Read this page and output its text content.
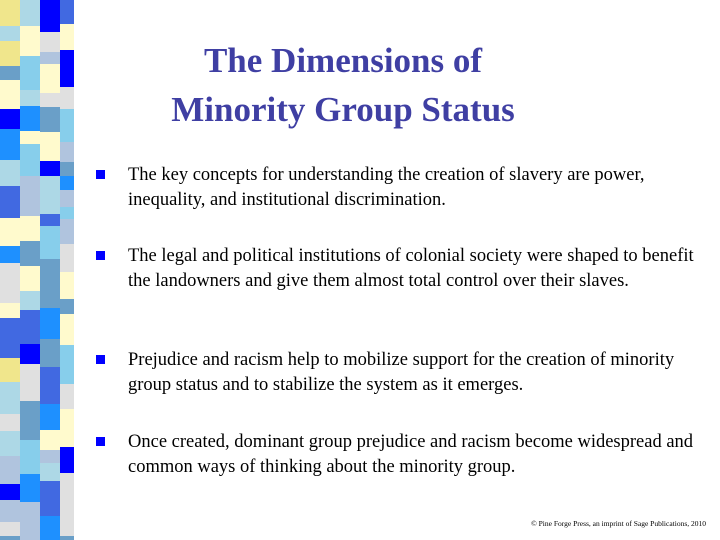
The Dimensions of
Minority Group Status
The key concepts for understanding the creation of slavery are power, inequality, and institutional discrimination.
The legal and political institutions of colonial society were shaped to benefit the landowners and give them almost total control over their slaves.
Prejudice and racism help to mobilize support for the creation of minority group status and to stabilize the system as it emerges.
Once created, dominant group prejudice and racism become widespread and common ways of thinking about the minority group.
© Pine Forge Press, an imprint of Sage Publications, 2010
